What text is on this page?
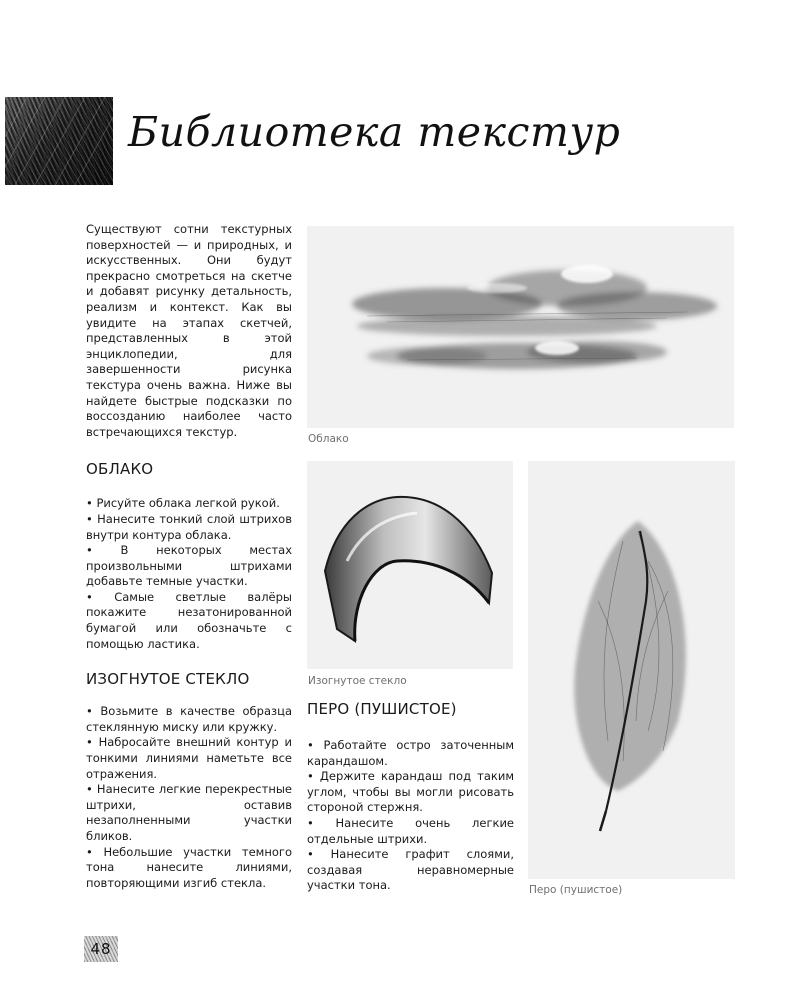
Библиотека текстур

Существуют сотни текстурных поверхностей — и природных, и искусственных. Они будут прекрасно смотреться на скетче и добавят рисунку детальность, реализм и контекст. Как вы увидите на этапах скетчей, представленных в этой энциклопедии, для завершенности рисунка текстура очень важна. Ниже вы найдете быстрые подсказки по воссозданию наиболее часто встречающихся текстур.

ОБЛАКО
• Рисуйте облака легкой рукой.
• Нанесите тонкий слой штрихов внутри контура облака.
• В некоторых местах произвольными штрихами добавьте темные участки.
• Самые светлые валёры покажите незатонированной бумагой или обозначьте с помощью ластика.
ИЗОГНУТОЕ СТЕКЛО
• Возьмите в качестве образца стеклянную миску или кружку.
• Набросайте внешний контур и тонкими линиями наметьте все отражения.
• Нанесите легкие перекрестные штрихи, оставив незаполненными участки бликов.
• Небольшие участки темного тона нанесите линиями, повторяющими изгиб стекла.

Облако

Изогнутое стекло

Перо (пушистое)

ПЕРО (ПУШИСТОЕ)
• Работайте остро заточенным карандашом.
• Держите карандаш под таким углом, чтобы вы могли рисовать стороной стержня.
• Нанесите очень легкие отдельные штрихи.
• Нанесите графит слоями, создавая неравномерные участки тона.
48
